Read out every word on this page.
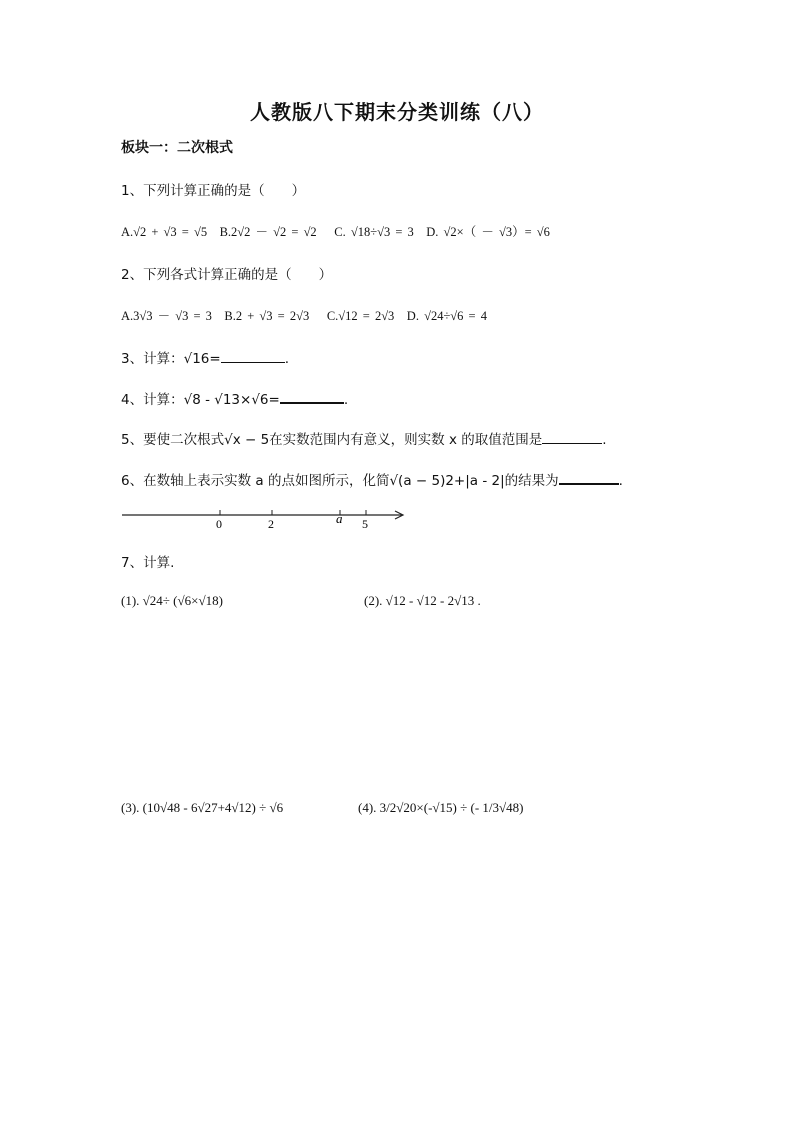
人教版八下期末分类训练（八）
板块一：二次根式
1、下列计算正确的是（　　）
A.√2 + √3 = √5　B.2√2 － √2 = √2　 C. √18÷√3 = 3　D. √2×（ － √3）= √6
2、下列各式计算正确的是（　　）
A.3√3 － √3 = 3　B.2 + √3 = 2√3　 C.√12 = 2√3　D. √24÷√6 = 4
3、计算：√16=	.
4、计算：√8 - √13×√6=	.
5、要使二次根式√x − 5在实数范围内有意义，则实数 x 的取值范围是	.
6、在数轴上表示实数 a 的点如图所示，化简√(a − 5)2+|a - 2|的结果为	.
0	2	a 5
7、计算.
(1). √24÷ (√6×√18)	(2). √12 - √12 - 2√13 .
(3). (10√48 - 6√27+4√12) ÷ √6	(4). 3/2√20×(-√15) ÷ (- 1/3√48)
